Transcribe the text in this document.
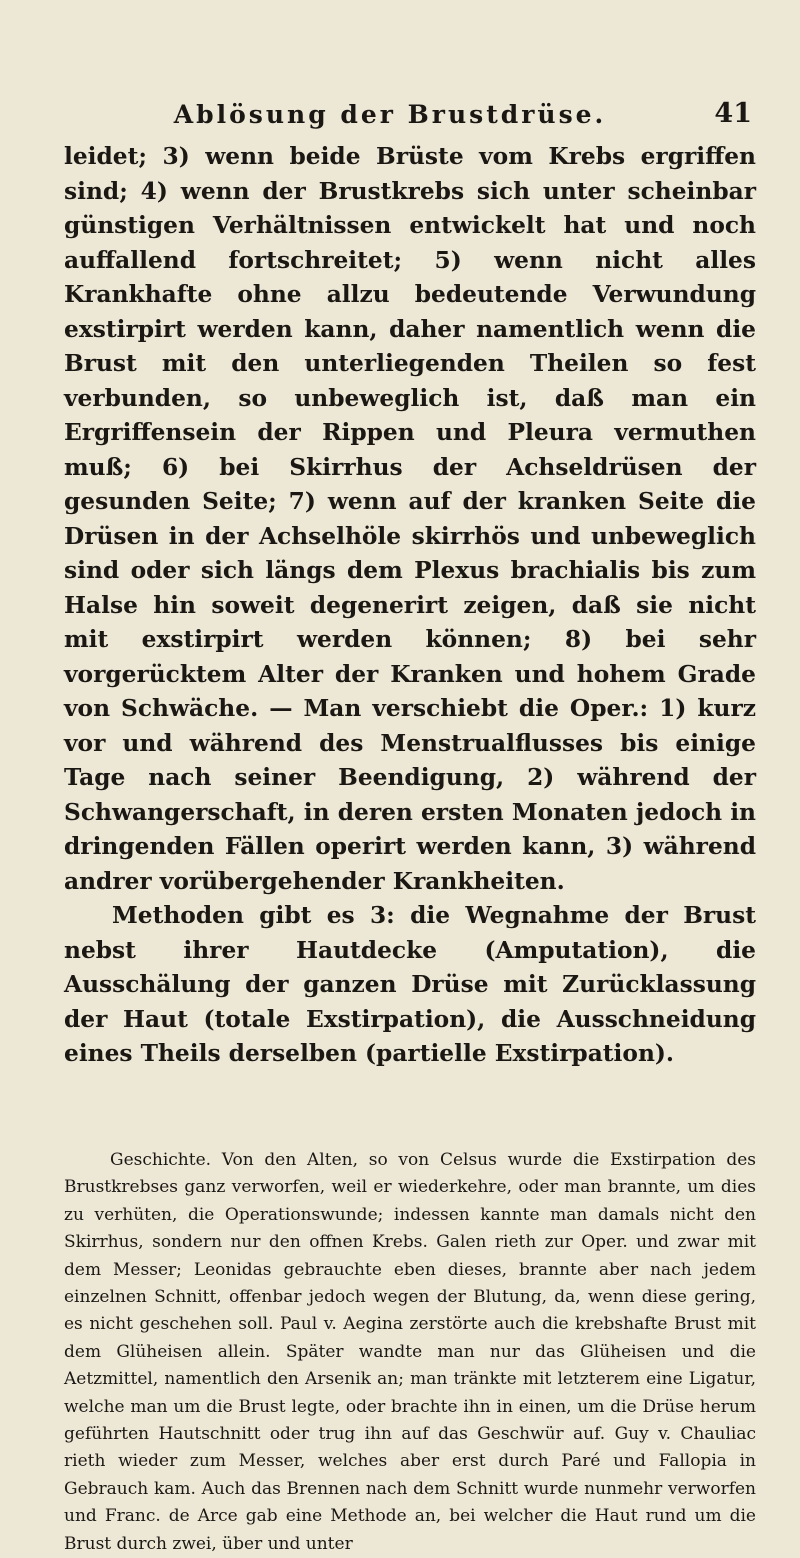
Ablösung der Brustdrüse.	41

leidet; 3) wenn beide Brüste vom Krebs ergriffen sind; 4) wenn der Brustkrebs sich unter scheinbar günstigen Verhältnissen entwickelt hat und noch auffallend fortschreitet; 5) wenn nicht alles Krankhafte ohne allzu bedeutende Verwundung exstirpirt werden kann, daher namentlich wenn die Brust mit den unterliegenden Theilen so fest verbunden, so unbeweglich ist, daß man ein Ergriffensein der Rippen und Pleura vermuthen muß; 6) bei Skirrhus der Achseldrüsen der gesunden Seite; 7) wenn auf der kranken Seite die Drüsen in der Achselhöle skirrhös und unbeweglich sind oder sich längs dem Plexus brachialis bis zum Halse hin soweit degenerirt zeigen, daß sie nicht mit exstirpirt werden können; 8) bei sehr vorgerücktem Alter der Kranken und hohem Grade von Schwäche. — Man verschiebt die Oper.: 1) kurz vor und während des Menstrualflusses bis einige Tage nach seiner Beendigung, 2) während der Schwangerschaft, in deren ersten Monaten jedoch in dringenden Fällen operirt werden kann, 3) während andrer vorübergehender Krankheiten.

Methoden gibt es 3: die Wegnahme der Brust nebst ihrer Hautdecke (Amputation), die Ausschälung der ganzen Drüse mit Zurücklassung der Haut (totale Exstirpation), die Ausschneidung eines Theils derselben (partielle Exstirpation).

Geschichte. Von den Alten, so von Celsus wurde die Exstirpation des Brustkrebses ganz verworfen, weil er wiederkehre, oder man brannte, um dies zu verhüten, die Operationswunde; indessen kannte man damals nicht den Skirrhus, sondern nur den offnen Krebs. Galen rieth zur Oper. und zwar mit dem Messer; Leonidas gebrauchte eben dieses, brannte aber nach jedem einzelnen Schnitt, offenbar jedoch wegen der Blutung, da, wenn diese gering, es nicht geschehen soll. Paul v. Aegina zerstörte auch die krebshafte Brust mit dem Glüheisen allein. Später wandte man nur das Glüheisen und die Aetzmittel, namentlich den Arsenik an; man tränkte mit letzterem eine Ligatur, welche man um die Brust legte, oder brachte ihn in einen, um die Drüse herum geführten Hautschnitt oder trug ihn auf das Geschwür auf. Guy v. Chauliac rieth wieder zum Messer, welches aber erst durch Paré und Fallopia in Gebrauch kam. Auch das Brennen nach dem Schnitt wurde nunmehr verworfen und Franc. de Arce gab eine Methode an, bei welcher die Haut rund um die Brust durch zwei, über und unter
